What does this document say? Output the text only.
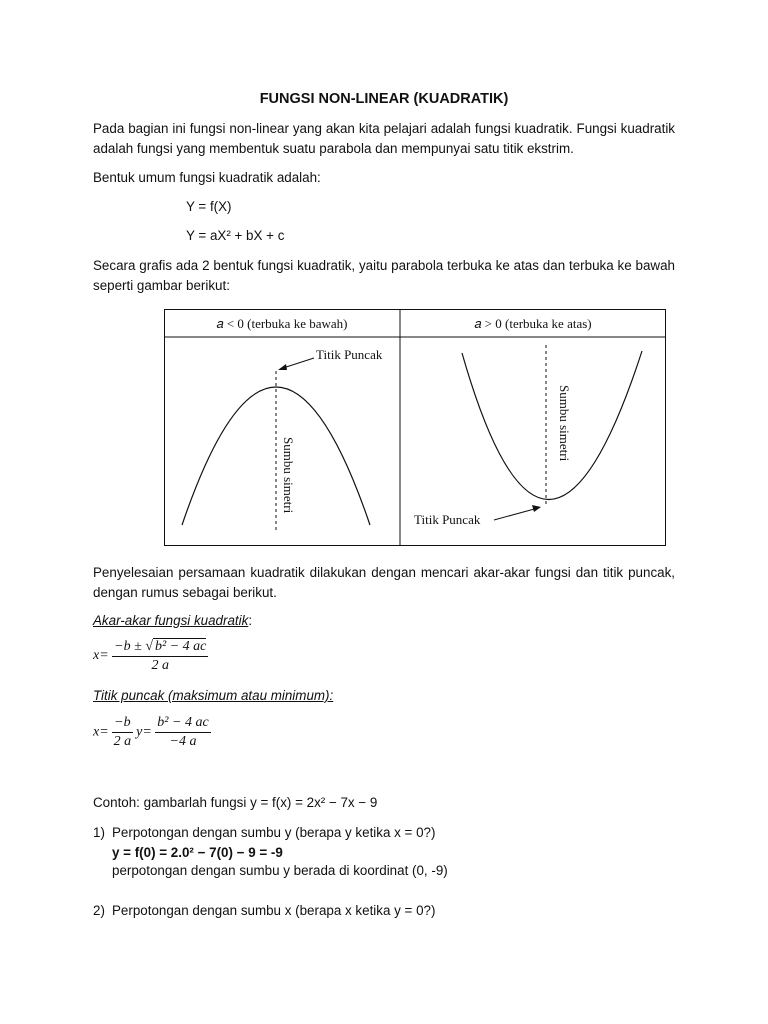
FUNGSI NON-LINEAR (KUADRATIK)
Pada bagian ini fungsi non-linear yang akan kita pelajari adalah fungsi kuadratik. Fungsi kuadratik adalah fungsi yang membentuk suatu parabola dan mempunyai satu titik ekstrim.
Bentuk umum fungsi kuadratik adalah:
Y = f(X)
Y = aX² + bX + c
Secara grafis ada 2 bentuk fungsi kuadratik, yaitu parabola terbuka ke atas dan terbuka ke bawah seperti gambar berikut:
𝑎 < 0 (terbuka ke bawah)	𝑎 > 0 (terbuka ke atas)
Titik Puncak
Sumbu simetri
Titik Puncak
Sumbu simetri
Penyelesaian persamaan kuadratik dilakukan dengan mencari akar-akar fungsi dan titik puncak, dengan rumus sebagai berikut.
Akar-akar fungsi kuadratik:
$x= \frac{\text{−b ± √ b² − 4 ac}}{2 a}$
Titik puncak (maksimum atau minimum):
$x= \frac{-b}{2 a} y= \frac{\text{b² − 4 ac}}{-4 a}$
Contoh: gambarlah fungsi y = f(x) = 2x² − 7x − 9
1) Perpotongan dengan sumbu y (berapa y ketika x = 0?)
y = f(0) = 2.0² − 7(0) − 9 = -9
perpotongan dengan sumbu y berada di koordinat (0, -9)
2) Perpotongan dengan sumbu x (berapa x ketika y = 0?)
